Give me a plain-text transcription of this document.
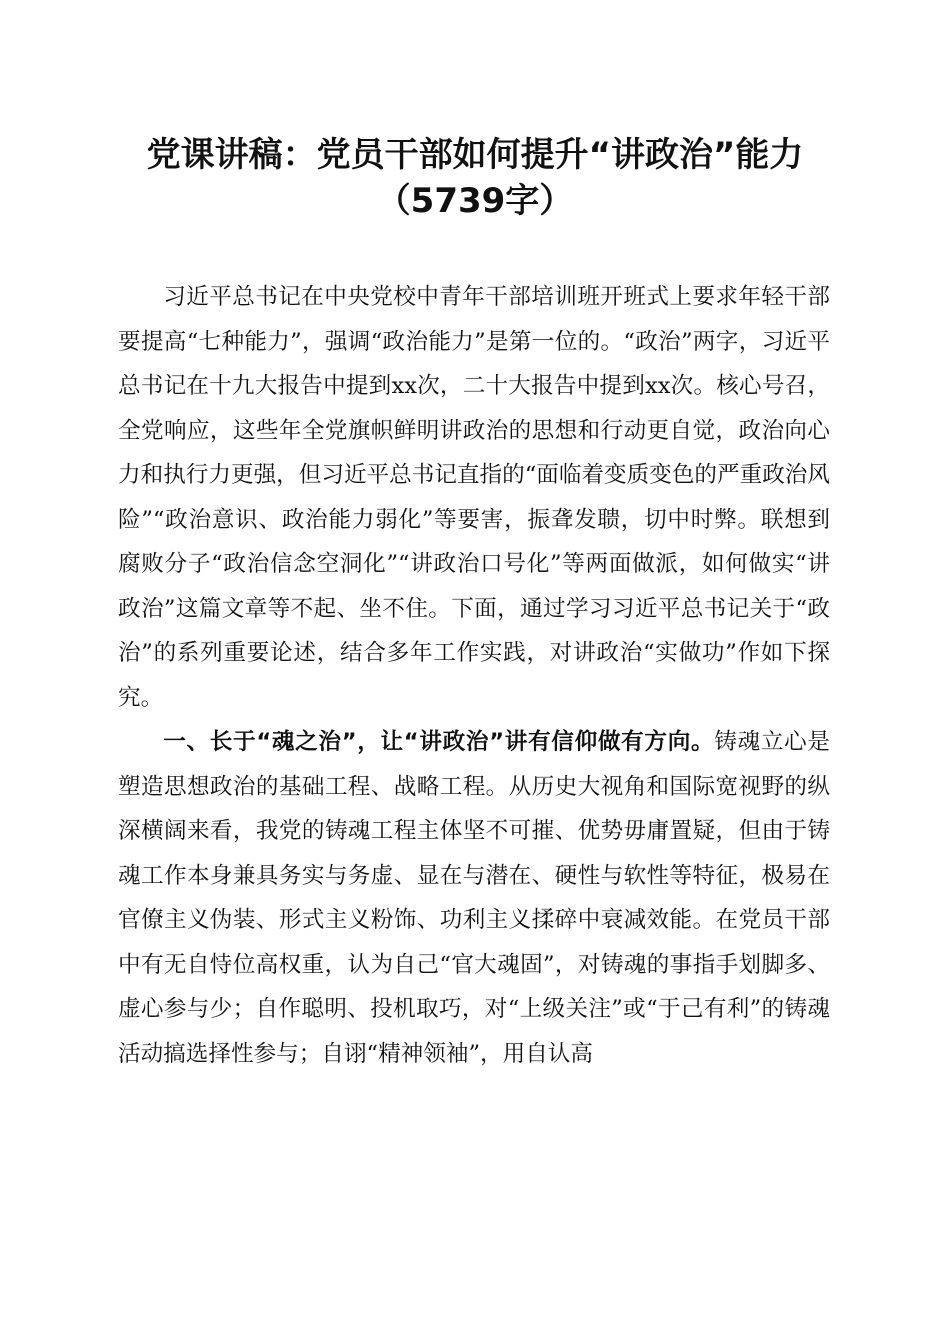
党课讲稿：党员干部如何提升“讲政治”能力
（5739字）

习近平总书记在中央党校中青年干部培训班开班式上要求年轻干部要提高“七种能力”，强调“政治能力”是第一位的。“政治”两字，习近平总书记在十九大报告中提到xx次，二十大报告中提到xx次。核心号召，全党响应，这些年全党旗帜鲜明讲政治的思想和行动更自觉，政治向心力和执行力更强，但习近平总书记直指的“面临着变质变色的严重政治风险”“政治意识、政治能力弱化”等要害，振聋发聩，切中时弊。联想到腐败分子“政治信念空洞化”“讲政治口号化”等两面做派，如何做实“讲政治”这篇文章等不起、坐不住。下面，通过学习习近平总书记关于“政治”的系列重要论述，结合多年工作实践，对讲政治“实做功”作如下探究。

一、长于“魂之治”，让“讲政治”讲有信仰做有方向。铸魂立心是塑造思想政治的基础工程、战略工程。从历史大视角和国际宽视野的纵深横阔来看，我党的铸魂工程主体坚不可摧、优势毋庸置疑，但由于铸魂工作本身兼具务实与务虚、显在与潜在、硬性与软性等特征，极易在官僚主义伪装、形式主义粉饰、功利主义揉碎中衰减效能。在党员干部中有无自恃位高权重，认为自己“官大魂固”，对铸魂的事指手划脚多、虚心参与少；自作聪明、投机取巧，对“上级关注”或“于己有利”的铸魂活动搞选择性参与；自诩“精神领袖”，用自认高
